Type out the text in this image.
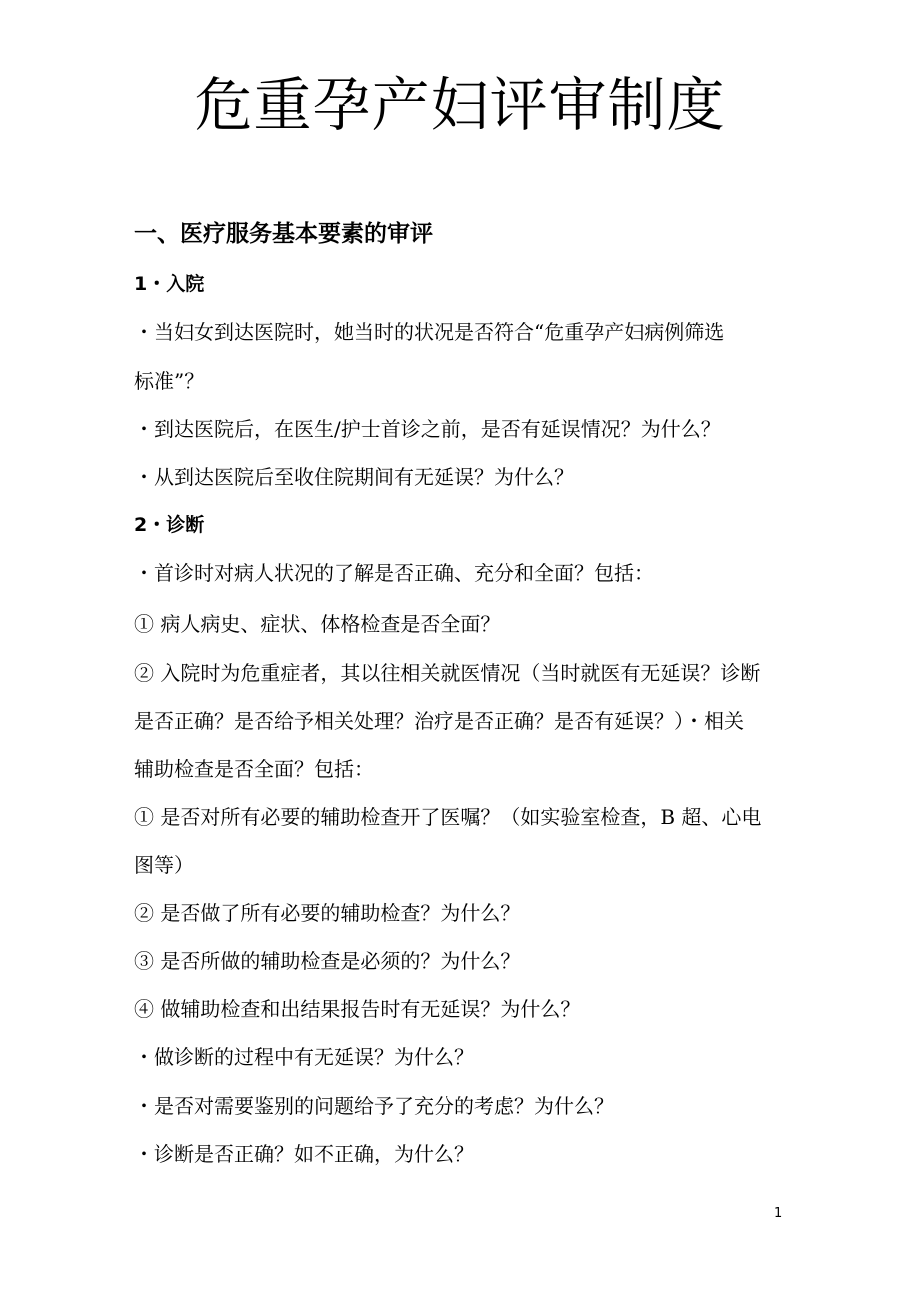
危重孕产妇评审制度
一、医疗服务基本要素的审评
1・入院
・当妇女到达医院时，她当时的状况是否符合“危重孕产妇病例筛选
标准”？
・到达医院后，在医生/护士首诊之前，是否有延误情况？为什么？
・从到达医院后至收住院期间有无延误？为什么？
2・诊断
・首诊时对病人状况的了解是否正确、充分和全面？包括：
① 病人病史、症状、体格检查是否全面？
② 入院时为危重症者，其以往相关就医情况（当时就医有无延误？诊断
是否正确？是否给予相关处理？治疗是否正确？是否有延误？）・相关
辅助检查是否全面？包括：
① 是否对所有必要的辅助检查开了医嘱？（如实验室检查，B 超、心电
图等）
② 是否做了所有必要的辅助检查？为什么？
③ 是否所做的辅助检查是必须的？为什么？
④ 做辅助检查和出结果报告时有无延误？为什么？
・做诊断的过程中有无延误？为什么？
・是否对需要鉴别的问题给予了充分的考虑？为什么？
・诊断是否正确？如不正确，为什么？
1
